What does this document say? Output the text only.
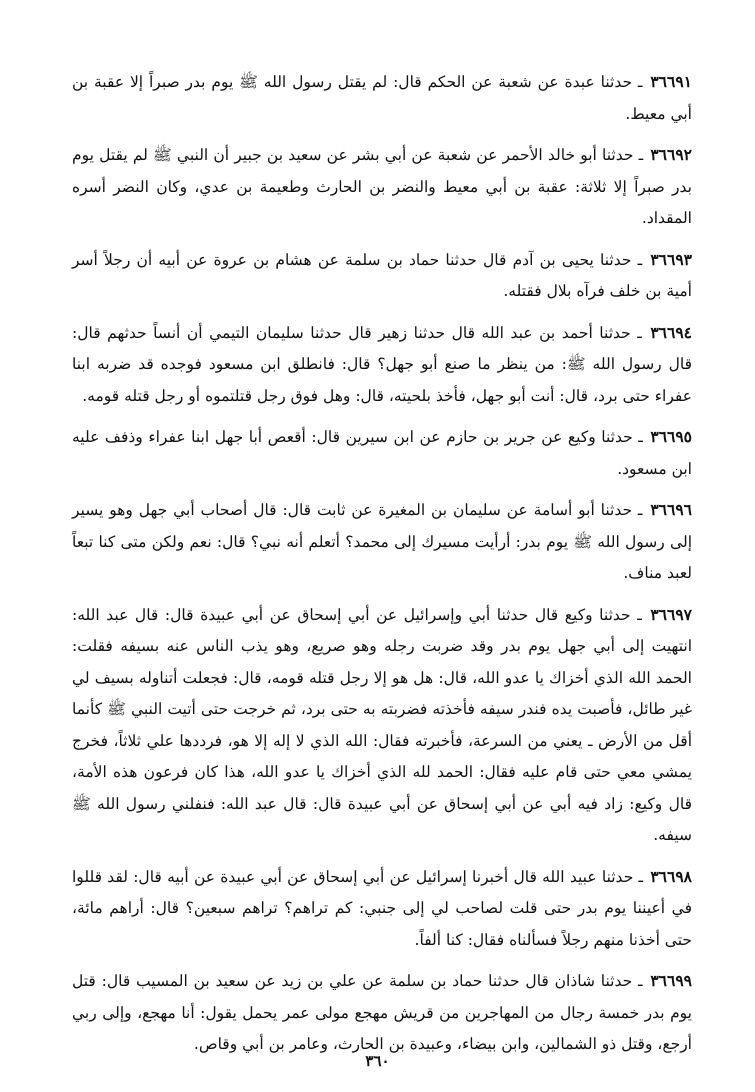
٣٦٦٩١ ـ حدثنا عبدة عن شعبة عن الحكم قال: لم يقتل رسول الله ﷺ يوم بدر صبراً إلا عقبة بن أبي معيط.

٣٦٦٩٢ ـ حدثنا أبو خالد الأحمر عن شعبة عن أبي بشر عن سعيد بن جبير أن النبي ﷺ لم يقتل يوم بدر صبراً إلا ثلاثة: عقبة بن أبي معيط والنضر بن الحارث وطعيمة بن عدي، وكان النضر أسره المقداد.

٣٦٦٩٣ ـ حدثنا يحيى بن آدم قال حدثنا حماد بن سلمة عن هشام بن عروة عن أبيه أن رجلاً أسر أمية بن خلف فرآه بلال فقتله.

٣٦٦٩٤ ـ حدثنا أحمد بن عبد الله قال حدثنا زهير قال حدثنا سليمان التيمي أن أنساً حدثهم قال: قال رسول الله ﷺ: من ينظر ما صنع أبو جهل؟ قال: فانطلق ابن مسعود فوجده قد ضربه ابنا عفراء حتى برد، قال: أنت أبو جهل، فأخذ بلحيته، قال: وهل فوق رجل قتلتموه أو رجل قتله قومه.

٣٦٦٩٥ ـ حدثنا وكيع عن جرير بن حازم عن ابن سيرين قال: أقعص أبا جهل ابنا عفراء وذفف عليه ابن مسعود.

٣٦٦٩٦ ـ حدثنا أبو أسامة عن سليمان بن المغيرة عن ثابت قال: قال أصحاب أبي جهل وهو يسير إلى رسول الله ﷺ يوم بدر: أرأيت مسيرك إلى محمد؟ أتعلم أنه نبي؟ قال: نعم ولكن متى كنا تبعاً لعبد مناف.

٣٦٦٩٧ ـ حدثنا وكيع قال حدثنا أبي وإسرائيل عن أبي إسحاق عن أبي عبيدة قال: قال عبد الله: انتهيت إلى أبي جهل يوم بدر وقد ضربت رجله وهو صريع، وهو يذب الناس عنه بسيفه فقلت: الحمد الله الذي أخزاك يا عدو الله، قال: هل هو إلا رجل قتله قومه، قال: فجعلت أتناوله بسيف لي غير طائل، فأصبت يده فندر سيفه فأخذته فضربته به حتى برد، ثم خرجت حتى أتيت النبي ﷺ كأنما أقل من الأرض ـ يعني من السرعة، فأخبرته فقال: الله الذي لا إله إلا هو، فرددها علي ثلاثاً، فخرج يمشي معي حتى قام عليه فقال: الحمد لله الذي أخزاك يا عدو الله، هذا كان فرعون هذه الأمة، قال وكيع: زاد فيه أبي عن أبي إسحاق عن أبي عبيدة قال: قال عبد الله: فنفلني رسول الله ﷺ سيفه.

٣٦٦٩٨ ـ حدثنا عبيد الله قال أخبرنا إسرائيل عن أبي إسحاق عن أبي عبيدة عن أبيه قال: لقد قللوا في أعيننا يوم بدر حتى قلت لصاحب لي إلى جنبي: كم تراهم؟ تراهم سبعين؟ قال: أراهم مائة، حتى أخذنا منهم رجلاً فسألناه فقال: كنا ألفاً.

٣٦٦٩٩ ـ حدثنا شاذان قال حدثنا حماد بن سلمة عن علي بن زيد عن سعيد بن المسيب قال: قتل يوم بدر خمسة رجال من المهاجرين من قريش مهجع مولى عمر يحمل يقول: أنا مهجع، وإلى ربي أرجع، وقتل ذو الشمالين، وابن بيضاء، وعبيدة بن الحارث، وعامر بن أبي وقاص.

٣٦٠
